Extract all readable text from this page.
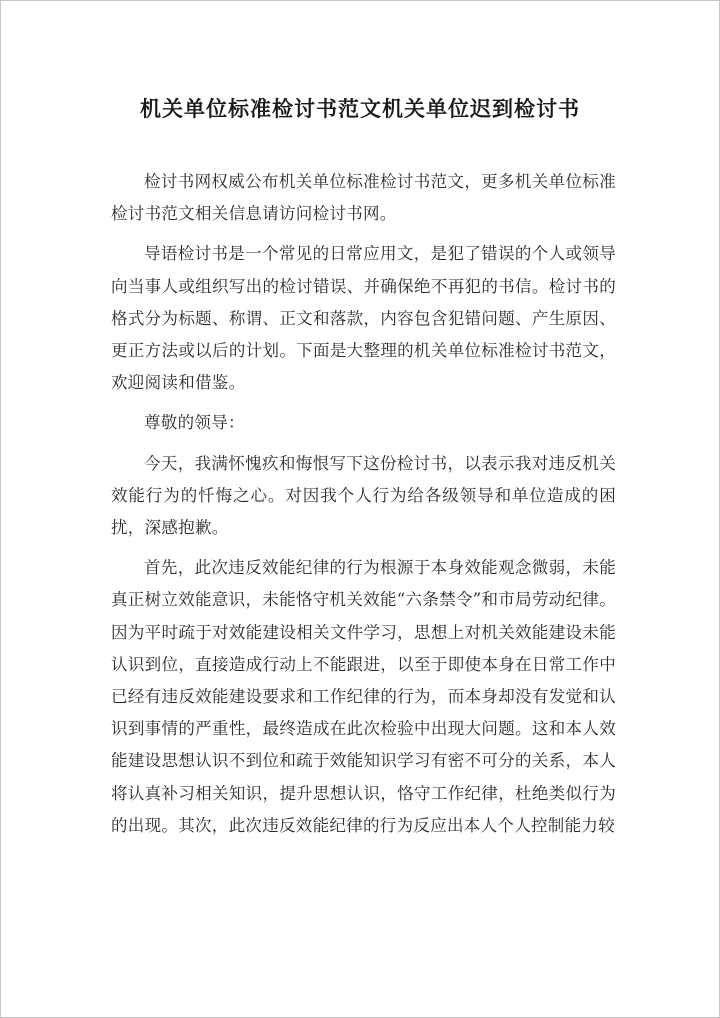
机关单位标准检讨书范文机关单位迟到检讨书

检讨书网权威公布机关单位标准检讨书范文，更多机关单位标准检讨书范文相关信息请访问检讨书网。

导语检讨书是一个常见的日常应用文，是犯了错误的个人或领导向当事人或组织写出的检讨错误、并确保绝不再犯的书信。检讨书的格式分为标题、称谓、正文和落款，内容包含犯错问题、产生原因、更正方法或以后的计划。下面是大整理的机关单位标准检讨书范文，欢迎阅读和借鉴。

尊敬的领导：

今天，我满怀愧疚和悔恨写下这份检讨书，以表示我对违反机关效能行为的忏悔之心。对因我个人行为给各级领导和单位造成的困扰，深感抱歉。

首先，此次违反效能纪律的行为根源于本身效能观念微弱，未能真正树立效能意识，未能恪守机关效能“六条禁令”和市局劳动纪律。因为平时疏于对效能建设相关文件学习，思想上对机关效能建设未能认识到位，直接造成行动上不能跟进，以至于即使本身在日常工作中已经有违反效能建设要求和工作纪律的行为，而本身却没有发觉和认识到事情的严重性，最终造成在此次检验中出现大问题。这和本人效能建设思想认识不到位和疏于效能知识学习有密不可分的关系，本人将认真补习相关知识，提升思想认识，恪守工作纪律，杜绝类似行为的出现。其次，此次违反效能纪律的行为反应出本人个人控制能力较
